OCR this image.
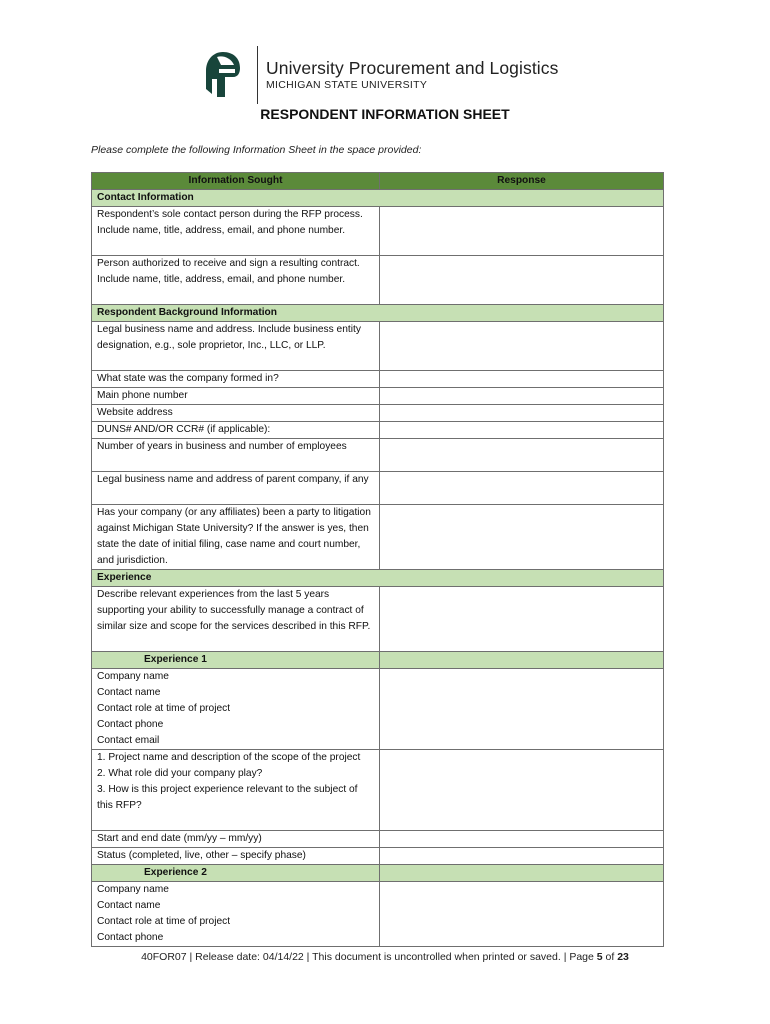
University Procurement and Logistics
MICHIGAN STATE UNIVERSITY
RESPONDENT INFORMATION SHEET
Please complete the following Information Sheet in the space provided:
Information Sought	Response
Contact Information	
Respondent’s sole contact person during the RFP process. Include name, title, address, email, and phone number.	
Person authorized to receive and sign a resulting contract. Include name, title, address, email, and phone number.	
Respondent Background Information	
Legal business name and address. Include business entity designation, e.g., sole proprietor, Inc., LLC, or LLP.	
What state was the company formed in?	
Main phone number	
Website address	
DUNS# AND/OR CCR# (if applicable):	
Number of years in business and number of employees	
Legal business name and address of parent company, if any	
Has your company (or any affiliates) been a party to litigation against Michigan State University? If the answer is yes, then state the date of initial filing, case name and court number, and jurisdiction.	
Experience	
Describe relevant experiences from the last 5 years supporting your ability to successfully manage a contract of similar size and scope for the services described in this RFP.	
Experience 1	
Company name
Contact name
Contact role at time of project
Contact phone
Contact email	
1. Project name and description of the scope of the project
2. What role did your company play?
3. How is this project experience relevant to the subject of this RFP?	
Start and end date (mm/yy – mm/yy)	
Status (completed, live, other – specify phase)	
Experience 2	
Company name
Contact name
Contact role at time of project
Contact phone	
40FOR07 | Release date: 04/14/22 | This document is uncontrolled when printed or saved. | Page 5 of 23
